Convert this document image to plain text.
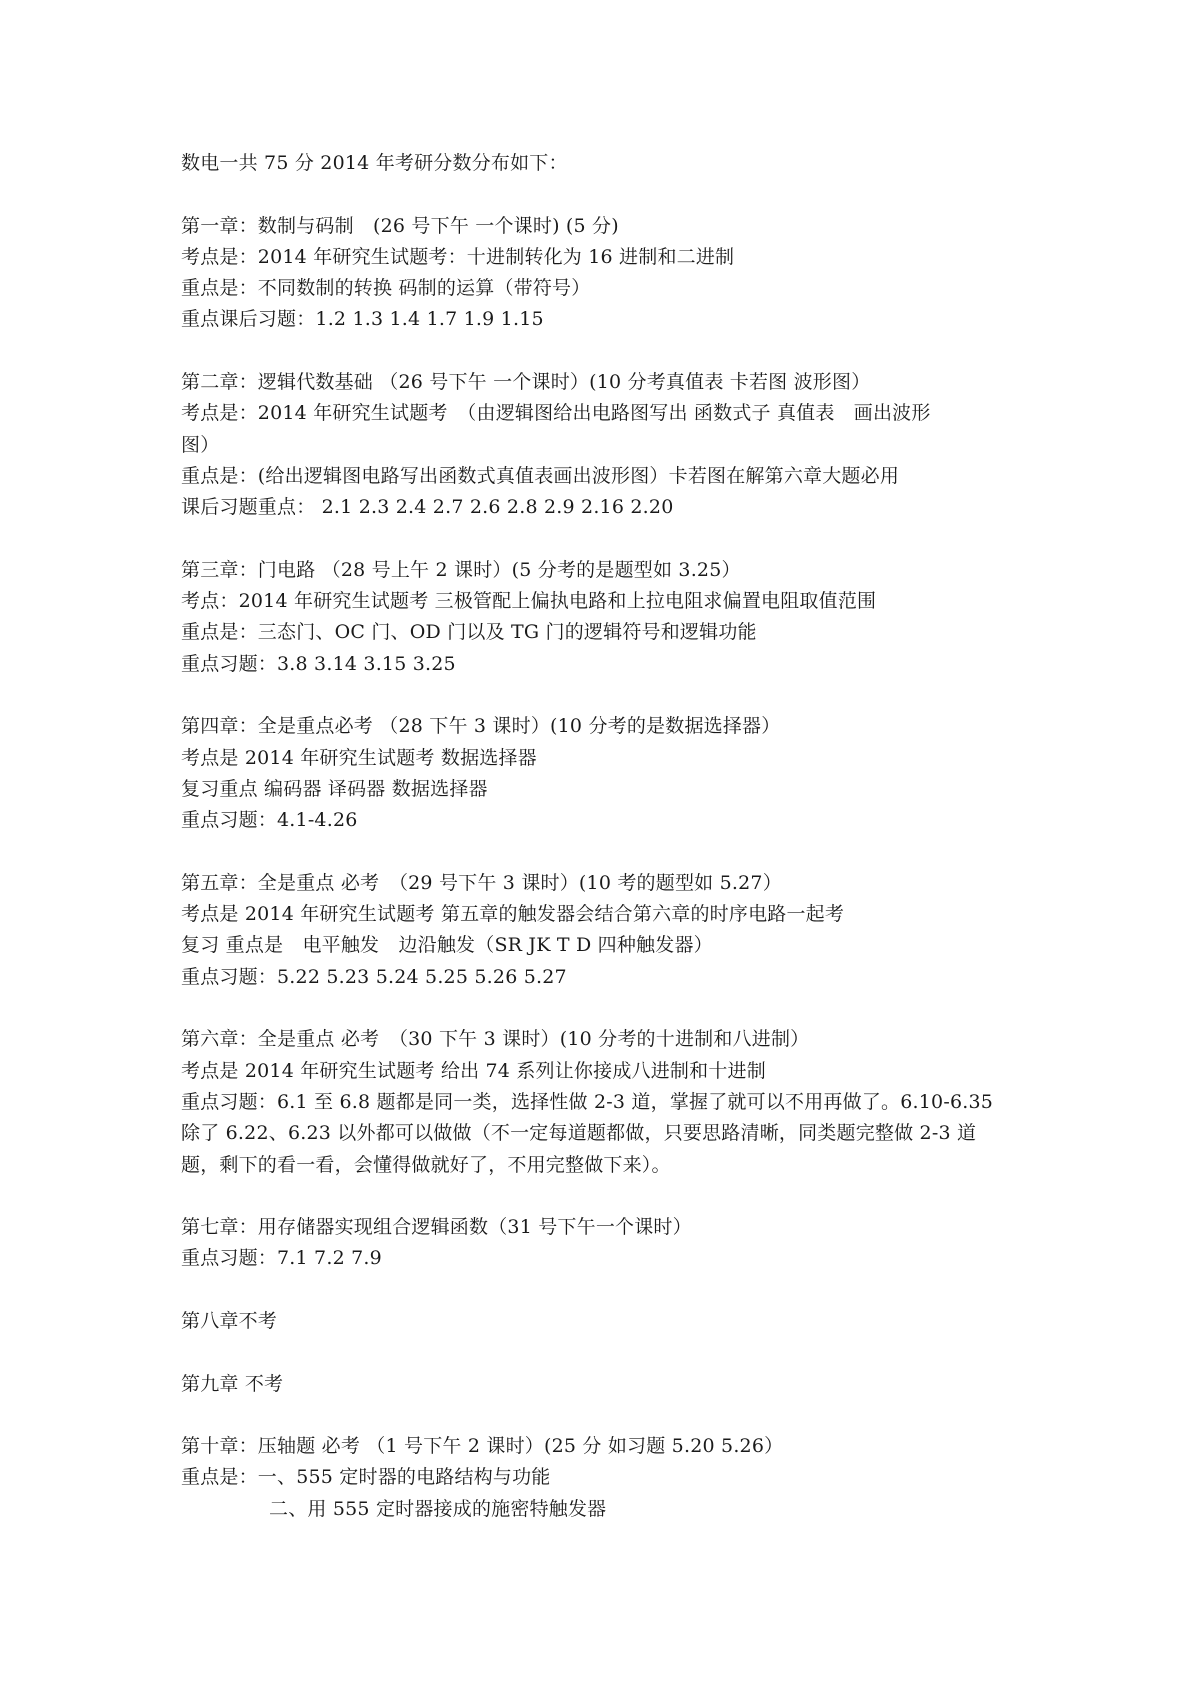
数电一共 75 分 2014 年考研分数分布如下：
第一章：数制与码制　(26 号下午 一个课时) (5 分)
考点是：2014 年研究生试题考：十进制转化为 16 进制和二进制
重点是：不同数制的转换 码制的运算（带符号）
重点课后习题：1.2 1.3 1.4 1.7 1.9 1.15
第二章：逻辑代数基础 （26 号下午 一个课时）(10 分考真值表 卡若图 波形图）
考点是：2014 年研究生试题考　（由逻辑图给出电路图写出 函数式子 真值表　画出波形
图）
重点是：(给出逻辑图电路写出函数式真值表画出波形图）卡若图在解第六章大题必用
课后习题重点： 2.1 2.3 2.4 2.7 2.6 2.8 2.9 2.16 2.20
第三章：门电路 （28 号上午 2 课时）(5 分考的是题型如 3.25）
考点：2014 年研究生试题考 三极管配上偏执电路和上拉电阻求偏置电阻取值范围
重点是：三态门、OC 门、OD 门以及 TG 门的逻辑符号和逻辑功能
重点习题：3.8 3.14 3.15 3.25
第四章：全是重点必考 （28 下午 3 课时）(10 分考的是数据选择器）
考点是 2014 年研究生试题考 数据选择器
复习重点 编码器 译码器 数据选择器
重点习题：4.1-4.26
第五章：全是重点 必考　（29 号下午 3 课时）(10 考的题型如 5.27）
考点是 2014 年研究生试题考 第五章的触发器会结合第六章的时序电路一起考
复习 重点是　电平触发　边沿触发（SR JK T D 四种触发器）
重点习题：5.22 5.23 5.24 5.25 5.26 5.27
第六章：全是重点 必考　（30 下午 3 课时）(10 分考的十进制和八进制）
考点是 2014 年研究生试题考 给出 74 系列让你接成八进制和十进制
重点习题：6.1 至 6.8 题都是同一类，选择性做 2-3 道，掌握了就可以不用再做了。6.10-6.35
除了 6.22、6.23 以外都可以做做（不一定每道题都做，只要思路清晰，同类题完整做 2-3 道
题，剩下的看一看，会懂得做就好了，不用完整做下来）。
第七章：用存储器实现组合逻辑函数（31 号下午一个课时）
重点习题：7.1 7.2 7.9
第八章不考
第九章 不考
第十章：压轴题 必考 （1 号下午 2 课时）(25 分 如习题 5.20 5.26）
重点是：一、555 定时器的电路结构与功能
二、用 555 定时器接成的施密特触发器
